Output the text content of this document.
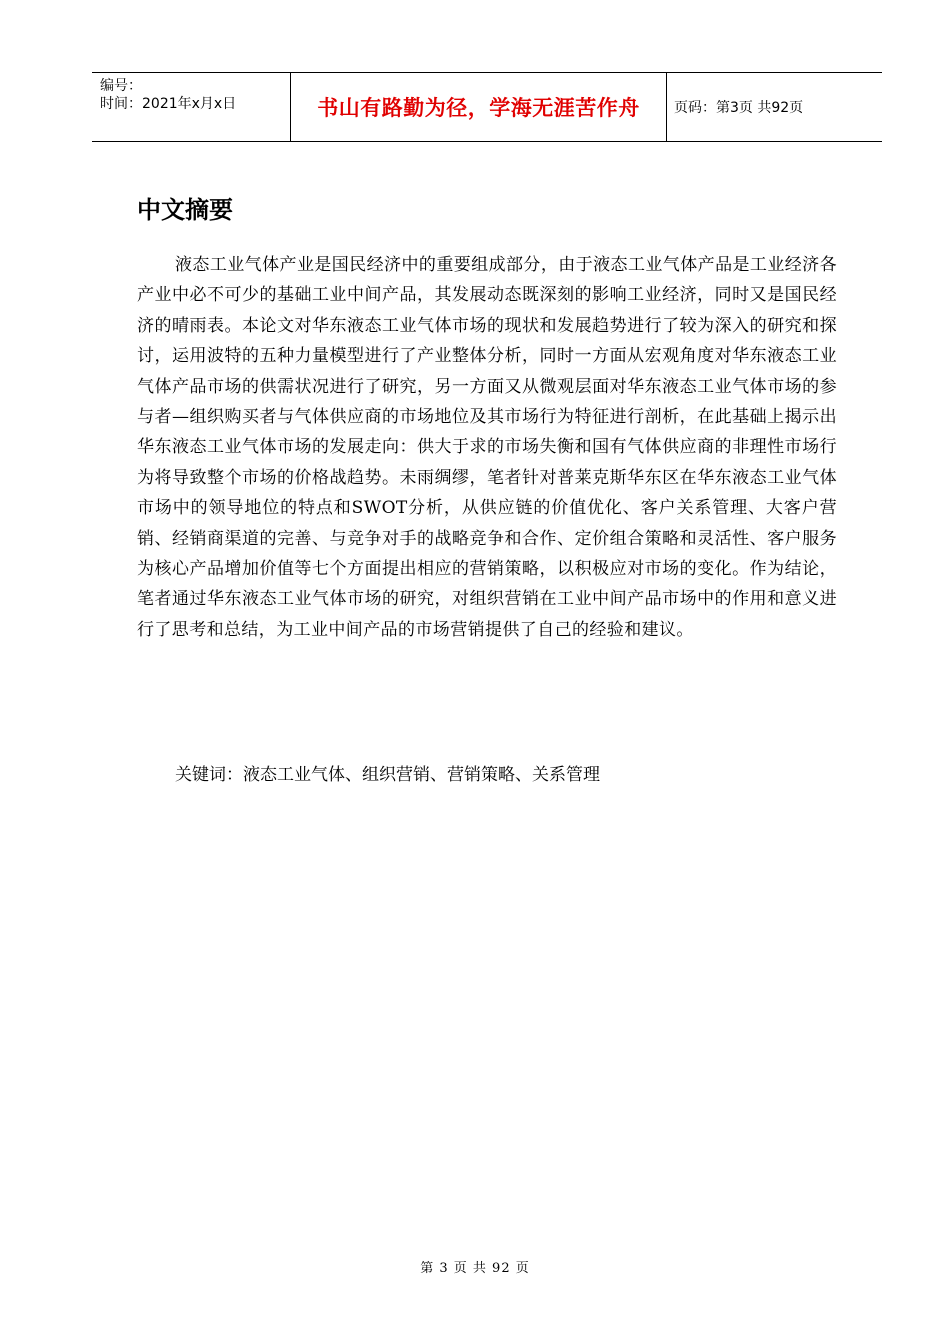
编号：
时间：2021年x月x日	书山有路勤为径，学海无涯苦作舟	页码：第3页 共92页
中文摘要

液态工业气体产业是国民经济中的重要组成部分，由于液态工业气体产品是工业经济各产业中必不可少的基础工业中间产品，其发展动态既深刻的影响工业经济，同时又是国民经济的晴雨表。本论文对华东液态工业气体市场的现状和发展趋势进行了较为深入的研究和探讨，运用波特的五种力量模型进行了产业整体分析，同时一方面从宏观角度对华东液态工业气体产品市场的供需状况进行了研究，另一方面又从微观层面对华东液态工业气体市场的参与者—组织购买者与气体供应商的市场地位及其市场行为特征进行剖析，在此基础上揭示出华东液态工业气体市场的发展走向：供大于求的市场失衡和国有气体供应商的非理性市场行为将导致整个市场的价格战趋势。未雨绸缪，笔者针对普莱克斯华东区在华东液态工业气体市场中的领导地位的特点和SWOT分析，从供应链的价值优化、客户关系管理、大客户营销、经销商渠道的完善、与竞争对手的战略竞争和合作、定价组合策略和灵活性、客户服务为核心产品增加价值等七个方面提出相应的营销策略，以积极应对市场的变化。作为结论，笔者通过华东液态工业气体市场的研究，对组织营销在工业中间产品市场中的作用和意义进行了思考和总结，为工业中间产品的市场营销提供了自己的经验和建议。

关键词：液态工业气体、组织营销、营销策略、关系管理
第 3 页 共 92 页
